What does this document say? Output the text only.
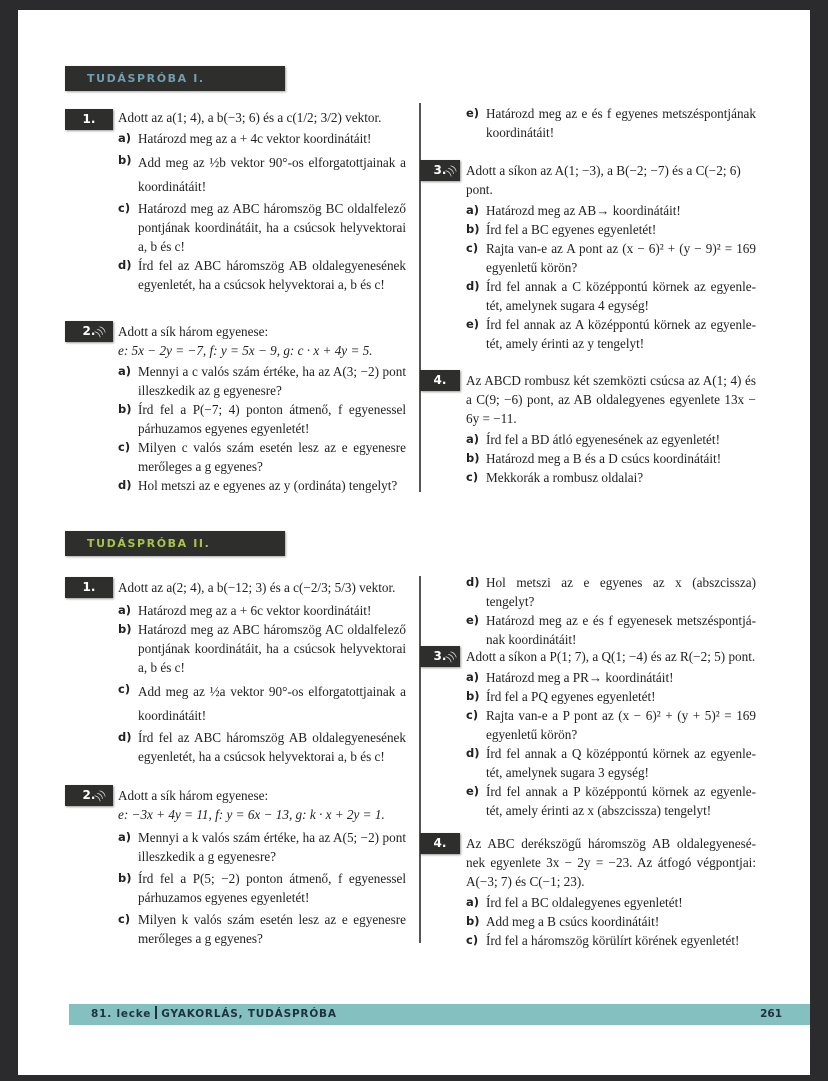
TUDÁSPRÓBA I.
1.	Adott az a(1; 4), a b(−3; 6) és a c(1/2; 3/2) vektor.

a) Határozd meg az a + 4c vektor koordinátáit!
b) Add meg az ½b vektor 90°-os elforgatottjainak a koordinátáit!
c) Határozd meg az ABC háromszög BC oldalfelező pontjának koordinátáit, ha a csúcsok helyvektorai a, b és c!
d) Írd fel az ABC háromszög AB oldalegyenesének egyenletét, ha a csúcsok helyvektorai a, b és c!
2.
))) Adott a sík három egyenese:

e: 5x − 2y = −7, f: y = 5x − 9, g: c · x + 4y = 5.

a) Mennyi a c valós szám értéke, ha az A(3; −2) pont illeszkedik az g egyenesre?
b) Írd fel a P(−7; 4) ponton átmenő, f egyenessel párhuzamos egyenes egyenletét!
c) Milyen c valós szám esetén lesz az e egyenesre merőleges a g egyenes?
d) Hol metszi az e egyenes az y (ordináta) tengelyt?
e) Határozd meg az e és f egyenes metszéspontjának koordinátáit!
3.
))) Adott a síkon az A(1; −3), a B(−2; −7) és a C(−2; 6) pont.

a) Határozd meg az AB→ koordinátáit!
b) Írd fel a BC egyenes egyenletét!
c) Rajta van-e az A pont az (x − 6)² + (y − 9)² = 169 egyenletű körön?
d) Írd fel annak a C középpontú körnek az egyenle-tét, amelynek sugara 4 egység!
e) Írd fel annak az A középpontú körnek az egyenle-tét, amely érinti az y tengelyt!
4.	Az ABCD rombusz két szemközti csúcsa az A(1; 4) és a C(9; −6) pont, az AB oldalegyenes egyenlete 13x − 6y = −11.

a) Írd fel a BD átló egyenesének az egyenletét!
b) Határozd meg a B és a D csúcs koordinátáit!
c) Mekkorák a rombusz oldalai?
TUDÁSPRÓBA II.
1.	Adott az a(2; 4), a b(−12; 3) és a c(−2/3; 5/3) vektor.

a) Határozd meg az a + 6c vektor koordinátáit!
b) Határozd meg az ABC háromszög AC oldalfelező pontjának koordinátáit, ha a csúcsok helyvektorai a, b és c!
c) Add meg az ½a vektor 90°-os elforgatottjainak a koordinátáit!
d) Írd fel az ABC háromszög AB oldalegyenesének egyenletét, ha a csúcsok helyvektorai a, b és c!
2.
))) Adott a sík három egyenese:

e: −3x + 4y = 11, f: y = 6x − 13, g: k · x + 2y = 1.

a) Mennyi a k valós szám értéke, ha az A(5; −2) pont illeszkedik a g egyenesre?
b) Írd fel a P(5; −2) ponton átmenő, f egyenessel párhuzamos egyenes egyenletét!
c) Milyen k valós szám esetén lesz az e egyenesre merőleges a g egyenes?
d) Hol metszi az e egyenes az x (abszcissza) tengelyt?
e) Határozd meg az e és f egyenesek metszéspontjá-nak koordinátáit!
3.
))) Adott a síkon a P(1; 7), a Q(1; −4) és az R(−2; 5) pont.

a) Határozd meg a PR→ koordinátáit!
b) Írd fel a PQ egyenes egyenletét!
c) Rajta van-e a P pont az (x − 6)² + (y + 5)² = 169 egyenletű körön?
d) Írd fel annak a Q középpontú körnek az egyenle-tét, amelynek sugara 3 egység!
e) Írd fel annak a P középpontú körnek az egyenle-tét, amely érinti az x (abszcissza) tengelyt!
4.	Az ABC derékszögű háromszög AB oldalegyenesé-nek egyenlete 3x − 2y = −23. Az átfogó végpontjai: A(−3; 7) és C(−1; 23).

a) Írd fel a BC oldalegyenes egyenletét!
b) Add meg a B csúcs koordinátáit!
c) Írd fel a háromszög körülírt körének egyenletét!
81. lecke GYAKORLÁS, TUDÁSPRÓBA	261
